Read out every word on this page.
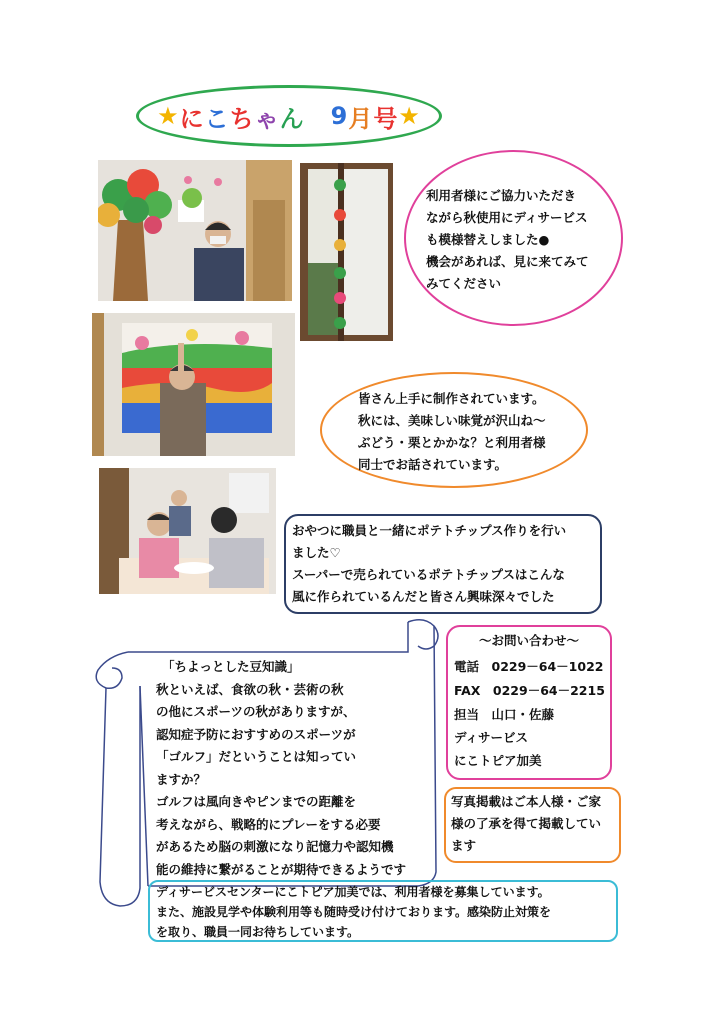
★ に こ ち ゃ ん 9 月 号 ★
利用者様にご協力いただき
ながら秋使用にディサービス
も模様替えしました●
機会があれば、見に来てみて
みてください
皆さん上手に制作されています。
秋には、美味しい味覚が沢山ね～
ぶどう・栗とかかな？と利用者様
同士でお話されています。
おやつに職員と一緒にポテトチップス作りを行い
ました♡
スーパーで売られているポテトチップスはこんな
風に作られているんだと皆さん興味深々でした
「ちよっとした豆知識」
秋といえば、食欲の秋・芸術の秋
の他にスポーツの秋がありますが、
認知症予防におすすめのスポーツが
「ゴルフ」だということは知ってい
ますか？
ゴルフは風向きやピンまでの距離を
考えながら、戦略的にプレーをする必要
があるため脳の刺激になり記憶力や認知機
能の維持に繋がることが期待できるようです
～お問い合わせ～
電話　0229－64－1022
FAX　0229－64－2215
担当　山口・佐藤
ディサービス
にこトピア加美
写真掲載はご本人様・ご家
様の了承を得て掲載してい
ます
ディサービスセンターにこトピア加美では、利用者様を募集しています。
また、施設見学や体験利用等も随時受け付けております。感染防止対策を
を取り、職員一同お待ちしています。
